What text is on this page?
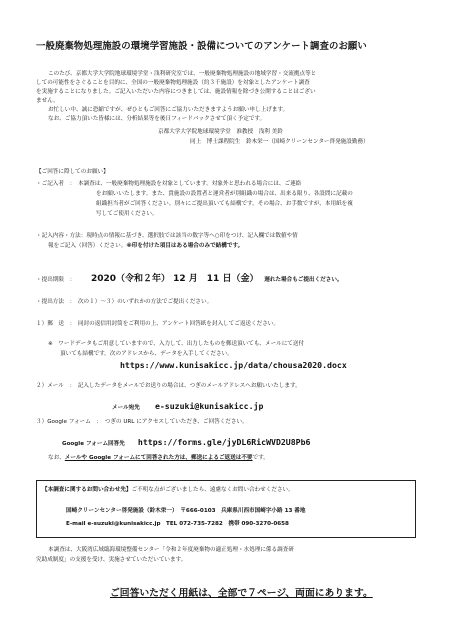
一般廃棄物処理施設の環境学習施設・設備についてのアンケート調査のお願い

このたび、京都大学大学院地球環境学堂・浅利研究室では、一般廃棄物処理施設の地域学習・交流拠点等と

しての可能性をさぐることを目的に、全国の一般廃棄物処理施設（約３千施設）を対象としたアンケート調査

を実施することになりました。ご記入いただいた内容につきましては、施設情報を除づき公開することはござい

ません。

お忙しい中、誠に恐縮ですが、ぜひともご回答にご協力いただきますようお願い申し上げます。

なお、ご協力頂いた皆様には、分析結果等を後日フィードバックさせて頂く予定です。

京都大学大学院地球環境学堂　准教授　浅利 美鈴

同上　博士課程院生　鈴木栄一（国崎クリーンセンター啓発施設勤務）

【ご回答に際してのお願い】

・ご記入者　：　本調査は、一般廃棄物処理施設を対象としています。対象外と思われる場合には、ご連絡

をお願いいたします。また、貴施設の設置者と運営者が別組織の場合は、出来る限り、各設問に記載の

組織担当者がご回答ください。別々にご提出頂いても結構です。その場合、お手数ですが、本用紙を複

写してご使用ください。

・記入内容・方法：現時点の情報に基づき、選択肢では該当の数字等へ○印をつけ、記入欄では数値や情

報をご記入（回答）ください。※印を付けた項目はある場合のみで結構です。

・提出期限　： 2020（令和２年） 12 月　11 日（金） 遅れた場合もご提出ください。

・提出方法　：　次の１）～３）のいずれかの方法でご提出ください。

１）郵　送　：　同封の返信用封筒をご利用の上、アンケート回答紙を封入してご返送ください。

※　ワードデータもご用意していますので、入力して、出力したものを郵送頂いても、メールにて送付

頂いても結構です。次のアドレスから、データを入手してください。

https://www.kunisakicc.jp/data/chousa2020.docx

２）メール　：　記入したデータをメールでお送りの場合は、つぎのメールアドレスへお願いいたします。

メール宛先 e-suzuki@kunisakicc.jp

３）Google フォーム　：　つぎの URL にアクセスしていただき、ご回答ください。

Google フォーム回答先 https://forms.gle/jyDL6RicWVD2U8Pb6

なお、メールや Google フォームにて回答された方は、郵送によるご返送は不要です。

【本調査に関するお問い合わせ先】ご不明な点がございましたら、遠慮なくお問い合わせください。

国崎クリーンセンター啓発施設（鈴木栄一）　〒666-0103　兵庫県川西市国崎字小路 13 番地

E-mail e-suzuki@kunisakicc.jp　TEL 072-735-7282　携帯 090-3270-0658

本調査は、大阪湾広域臨海環境整備センター「令和２年度廃棄物の適正処理・水処理に係る調査研

究助成制度」の支援を受け、実施させていただいています。

ご回答いただく用紙は、全部で７ページ、両面にあります。
